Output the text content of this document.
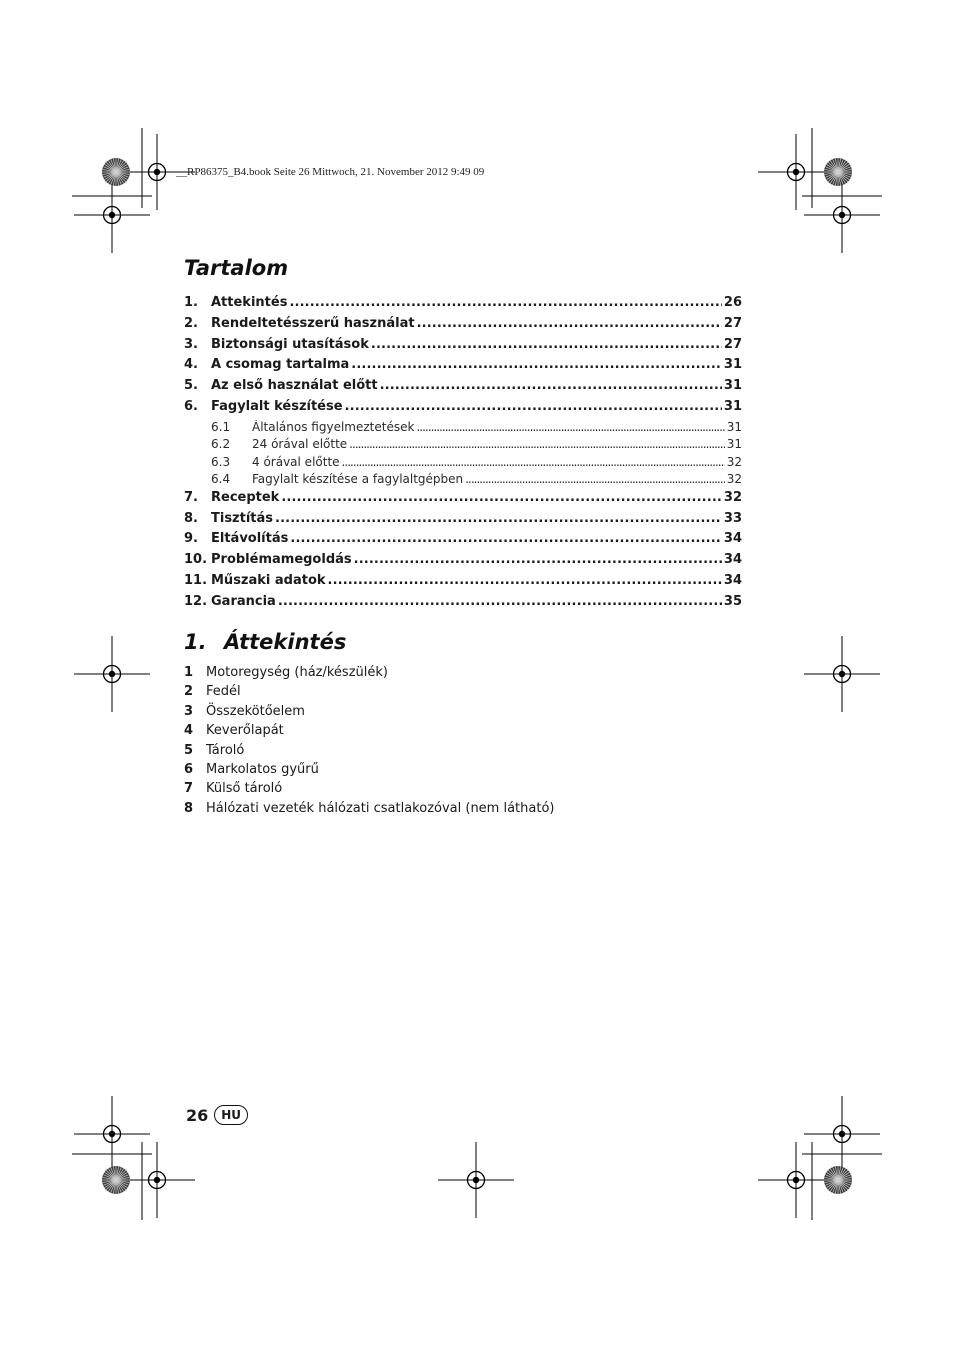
__RP86375_B4.book Seite 26 Mittwoch, 21. November 2012 9:49 09
Tartalom
1.	Áttekintés . . .	26
2.	Rendeltetésszerű használat . . .	27
3.	Biztonsági utasítások . . .	27
4.	A csomag tartalma . . .	31
5.	Az első használat előtt . . .	31
6.	Fagylalt készítése . . .	31
6.1	Általános figyelmeztetések . . .	31
6.2	24 órával előtte . . .	31
6.3	4 órával előtte . . .	32
6.4	Fagylalt készítése a fagylaltgépben . . .	32
7.	Receptek . . .	32
8.	Tisztítás . . .	33
9.	Eltávolítás . . .	34
10. Problémamegoldás . . .	34
11. Műszaki adatok . . .	34
12. Garancia . . .	35
1. Áttekintés
1 Motoregység (ház/készülék)
2 Fedél
3 Összekötőelem
4 Keverőlapát
5 Tároló
6 Markolatos gyűrű
7 Külső tároló
8 Hálózati vezeték hálózati csatlakozóval (nem látható)
26	HU
